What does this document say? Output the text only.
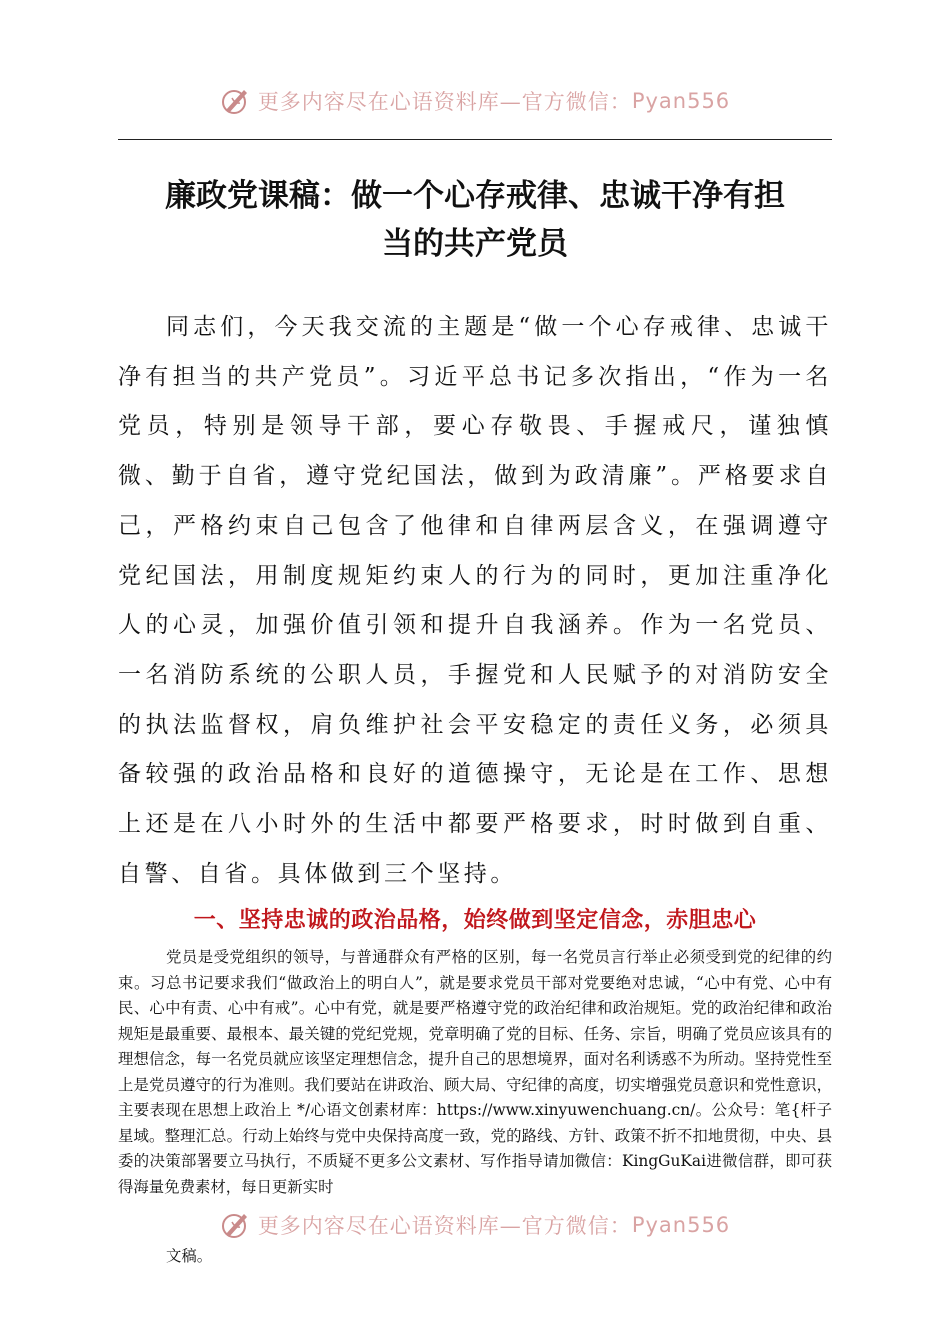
更多内容尽在心语资料库—官方微信： Pyan556
廉政党课稿：做一个心存戒律、忠诚干净有担
当的共产党员

同志们，今天我交流的主题是“做一个心存戒律、忠诚干净有担当的共产党员”。习近平总书记多次指出，“作为一名党员，特别是领导干部，要心存敬畏、手握戒尺，谨独慎微、勤于自省，遵守党纪国法，做到为政清廉”。严格要求自己，严格约束自己包含了他律和自律两层含义，在强调遵守党纪国法，用制度规矩约束人的行为的同时，更加注重净化人的心灵，加强价值引领和提升自我涵养。作为一名党员、一名消防系统的公职人员，手握党和人民赋予的对消防安全的执法监督权，肩负维护社会平安稳定的责任义务，必须具备较强的政治品格和良好的道德操守，无论是在工作、思想上还是在八小时外的生活中都要严格要求，时时做到自重、自警、自省。具体做到三个坚持。

一、坚持忠诚的政治品格，始终做到坚定信念，赤胆忠心

党员是受党组织的领导，与普通群众有严格的区别，每一名党员言行举止必须受到党的纪律的约束。习总书记要求我们“做政治上的明白人”，就是要求党员干部对党要绝对忠诚，“心中有党、心中有民、心中有责、心中有戒”。心中有党，就是要严格遵守党的政治纪律和政治规矩。党的政治纪律和政治规矩是最重要、最根本、最关键的党纪党规，党章明确了党的目标、任务、宗旨，明确了党员应该具有的理想信念，每一名党员就应该坚定理想信念，提升自己的思想境界，面对名利诱惑不为所动。坚持党性至上是党员遵守的行为准则。我们要站在讲政治、顾大局、守纪律的高度，切实增强党员意识和党性意识，主要表现在思想上政治上 */心语文创素材库：https://www.xinyuwenchuang.cn/。公众号：笔{杆子星域。整理汇总。行动上始终与党中央保持高度一致，党的路线、方针、政策不折不扣地贯彻，中央、县委的决策部署要立马执行，不质疑不更多公文素材、写作指导请加微信：KingGuKai进微信群，即可获得海量免费素材，每日更新实时

更多内容尽在心语资料库—官方微信： Pyan556

文稿。
